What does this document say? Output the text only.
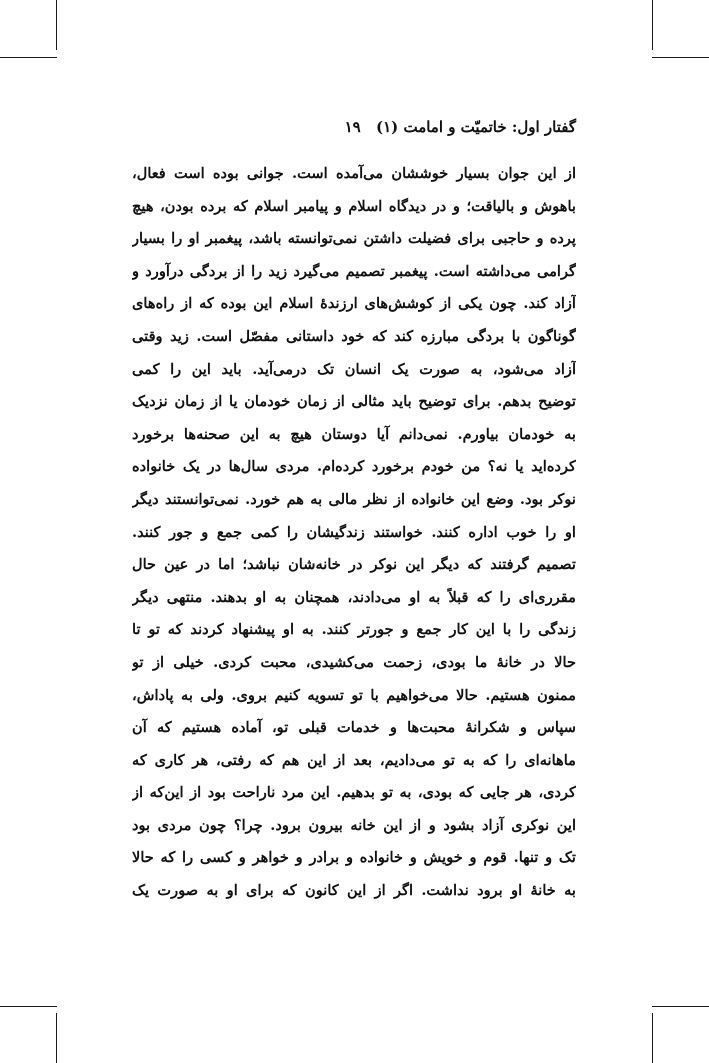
گفتار اول: خاتمیّت و امامت (۱) ۱۹
از این جوان بسیار خوششان می‌آمده است. جوانی بوده است فعال،
باهوش و بالیاقت؛ و در دیدگاه اسلام و پیامبر اسلام که برده بودن، هیچ
پرده و حاجبی برای فضیلت داشتن نمی‌توانسته باشد، پیغمبر او را بسیار
گرامی می‌داشته است. پیغمبر تصمیم می‌گیرد زید را از بردگی درآورد و
آزاد کند. چون یکی از کوشش‌های ارزندهٔ اسلام این بوده که از راه‌های
گوناگون با بردگی مبارزه کند که خود داستانی مفصّل است. زید وقتی
آزاد می‌شود، به صورت یک انسان تک درمی‌آید. باید این را کمی
توضیح بدهم. برای توضیح باید مثالی از زمان خودمان یا از زمان نزدیک
به خودمان بیاورم. نمی‌دانم آیا دوستان هیچ به این صحنه‌ها برخورد
کرده‌اید یا نه؟ من خودم برخورد کرده‌ام. مردی سال‌ها در یک خانواده
نوکر بود. وضع این خانواده از نظر مالی به هم خورد. نمی‌توانستند دیگر
او را خوب اداره کنند. خواستند زندگیشان را کمی جمع و جور کنند.
تصمیم گرفتند که دیگر این نوکر در خانه‌شان نباشد؛ اما در عین حال
مقرری‌ای را که قبلاً به او می‌دادند، همچنان به او بدهند. منتهی دیگر
زندگی را با این کار جمع و جورتر کنند. به او پیشنهاد کردند که تو تا
حالا در خانهٔ ما بودی، زحمت می‌کشیدی، محبت کردی. خیلی از تو
ممنون هستیم. حالا می‌خواهیم با تو تسویه کنیم بروی. ولی به پاداش،
سپاس و شکرانهٔ محبت‌ها و خدمات قبلی تو، آماده هستیم که آن
ماهانه‌ای را که به تو می‌دادیم، بعد از این هم که رفتی، هر کاری که
کردی، هر جایی که بودی، به تو بدهیم. این مرد ناراحت بود از این‌که از
این نوکری آزاد بشود و از این خانه بیرون برود. چرا؟ چون مردی بود
تک و تنها. قوم و خویش و خانواده و برادر و خواهر و کسی را که حالا
به خانهٔ او برود نداشت. اگر از این کانون که برای او به صورت یک
